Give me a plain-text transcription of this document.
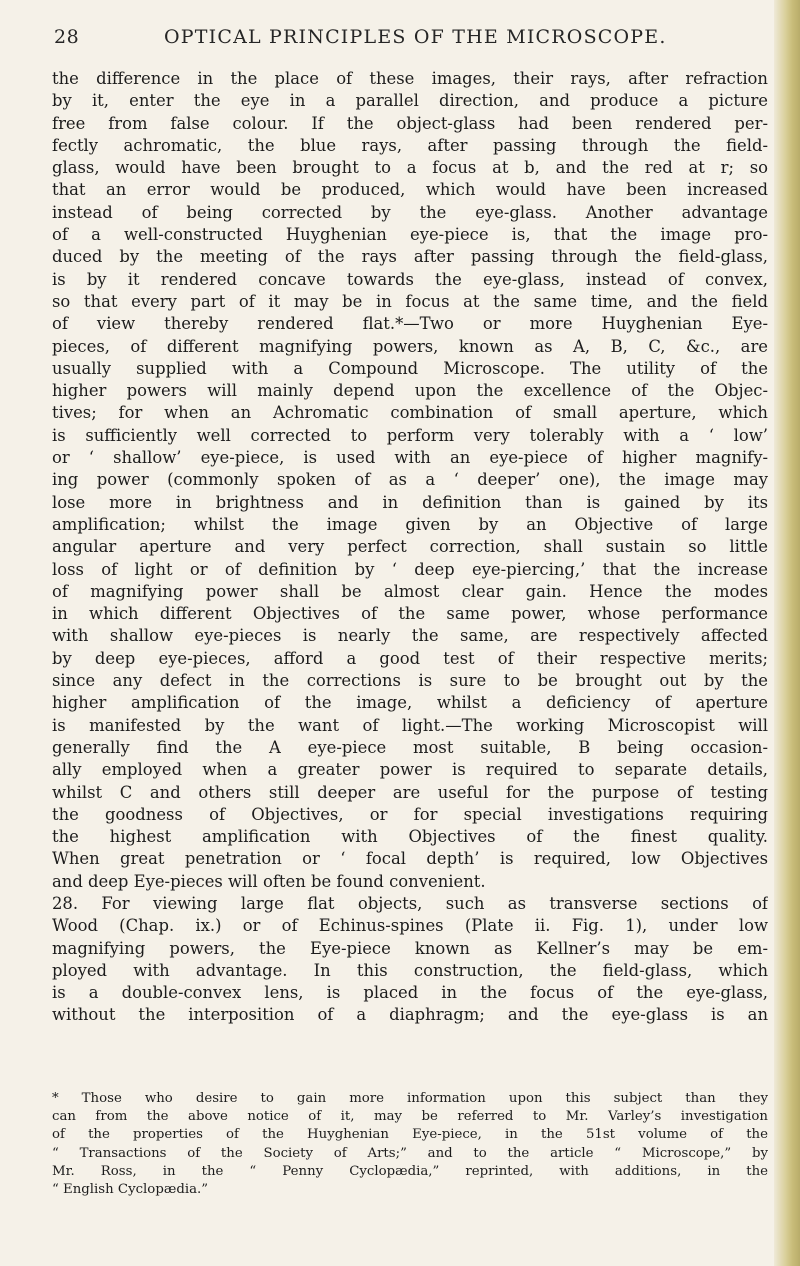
28	OPTICAL PRINCIPLES OF THE MICROSCOPE.
the difference in the place of these images, their rays, after refraction
by it, enter the eye in a parallel direction, and produce a picture
free from false colour. If the object-glass had been rendered per-
fectly achromatic, the blue rays, after passing through the field-
glass, would have been brought to a focus at b, and the red at r; so
that an error would be produced, which would have been increased
instead of being corrected by the eye-glass. Another advantage
of a well-constructed Huyghenian eye-piece is, that the image pro-
duced by the meeting of the rays after passing through the field-glass,
is by it rendered concave towards the eye-glass, instead of convex,
so that every part of it may be in focus at the same time, and the field
of view thereby rendered flat.*—Two or more Huyghenian Eye-
pieces, of different magnifying powers, known as A, B, C, &c., are
usually supplied with a Compound Microscope. The utility of the
higher powers will mainly depend upon the excellence of the Objec-
tives; for when an Achromatic combination of small aperture, which
is sufficiently well corrected to perform very tolerably with a ‘ low’
or ‘ shallow’ eye-piece, is used with an eye-piece of higher magnify-
ing power (commonly spoken of as a ‘ deeper’ one), the image may
lose more in brightness and in definition than is gained by its
amplification; whilst the image given by an Objective of large
angular aperture and very perfect correction, shall sustain so little
loss of light or of definition by ‘ deep eye-piercing,’ that the increase
of magnifying power shall be almost clear gain. Hence the modes
in which different Objectives of the same power, whose performance
with shallow eye-pieces is nearly the same, are respectively affected
by deep eye-pieces, afford a good test of their respective merits;
since any defect in the corrections is sure to be brought out by the
higher amplification of the image, whilst a deficiency of aperture
is manifested by the want of light.—The working Microscopist will
generally find the A eye-piece most suitable, B being occasion-
ally employed when a greater power is required to separate details,
whilst C and others still deeper are useful for the purpose of testing
the goodness of Objectives, or for special investigations requiring
the highest amplification with Objectives of the finest quality.
When great penetration or ‘ focal depth’ is required, low Objectives
and deep Eye-pieces will often be found convenient.
28. For viewing large flat objects, such as transverse sections of
Wood (Chap. ix.) or of Echinus-spines (Plate ii. Fig. 1), under low
magnifying powers, the Eye-piece known as Kellner’s may be em-
ployed with advantage. In this construction, the field-glass, which
is a double-convex lens, is placed in the focus of the eye-glass,
without the interposition of a diaphragm; and the eye-glass is an
* Those who desire to gain more information upon this subject than they
can from the above notice of it, may be referred to Mr. Varley’s investigation
of the properties of the Huyghenian Eye-piece, in the 51st volume of the
“ Transactions of the Society of Arts;” and to the article “ Microscope,” by
Mr. Ross, in the “ Penny Cyclopædia,” reprinted, with additions, in the
“ English Cyclopædia.”
